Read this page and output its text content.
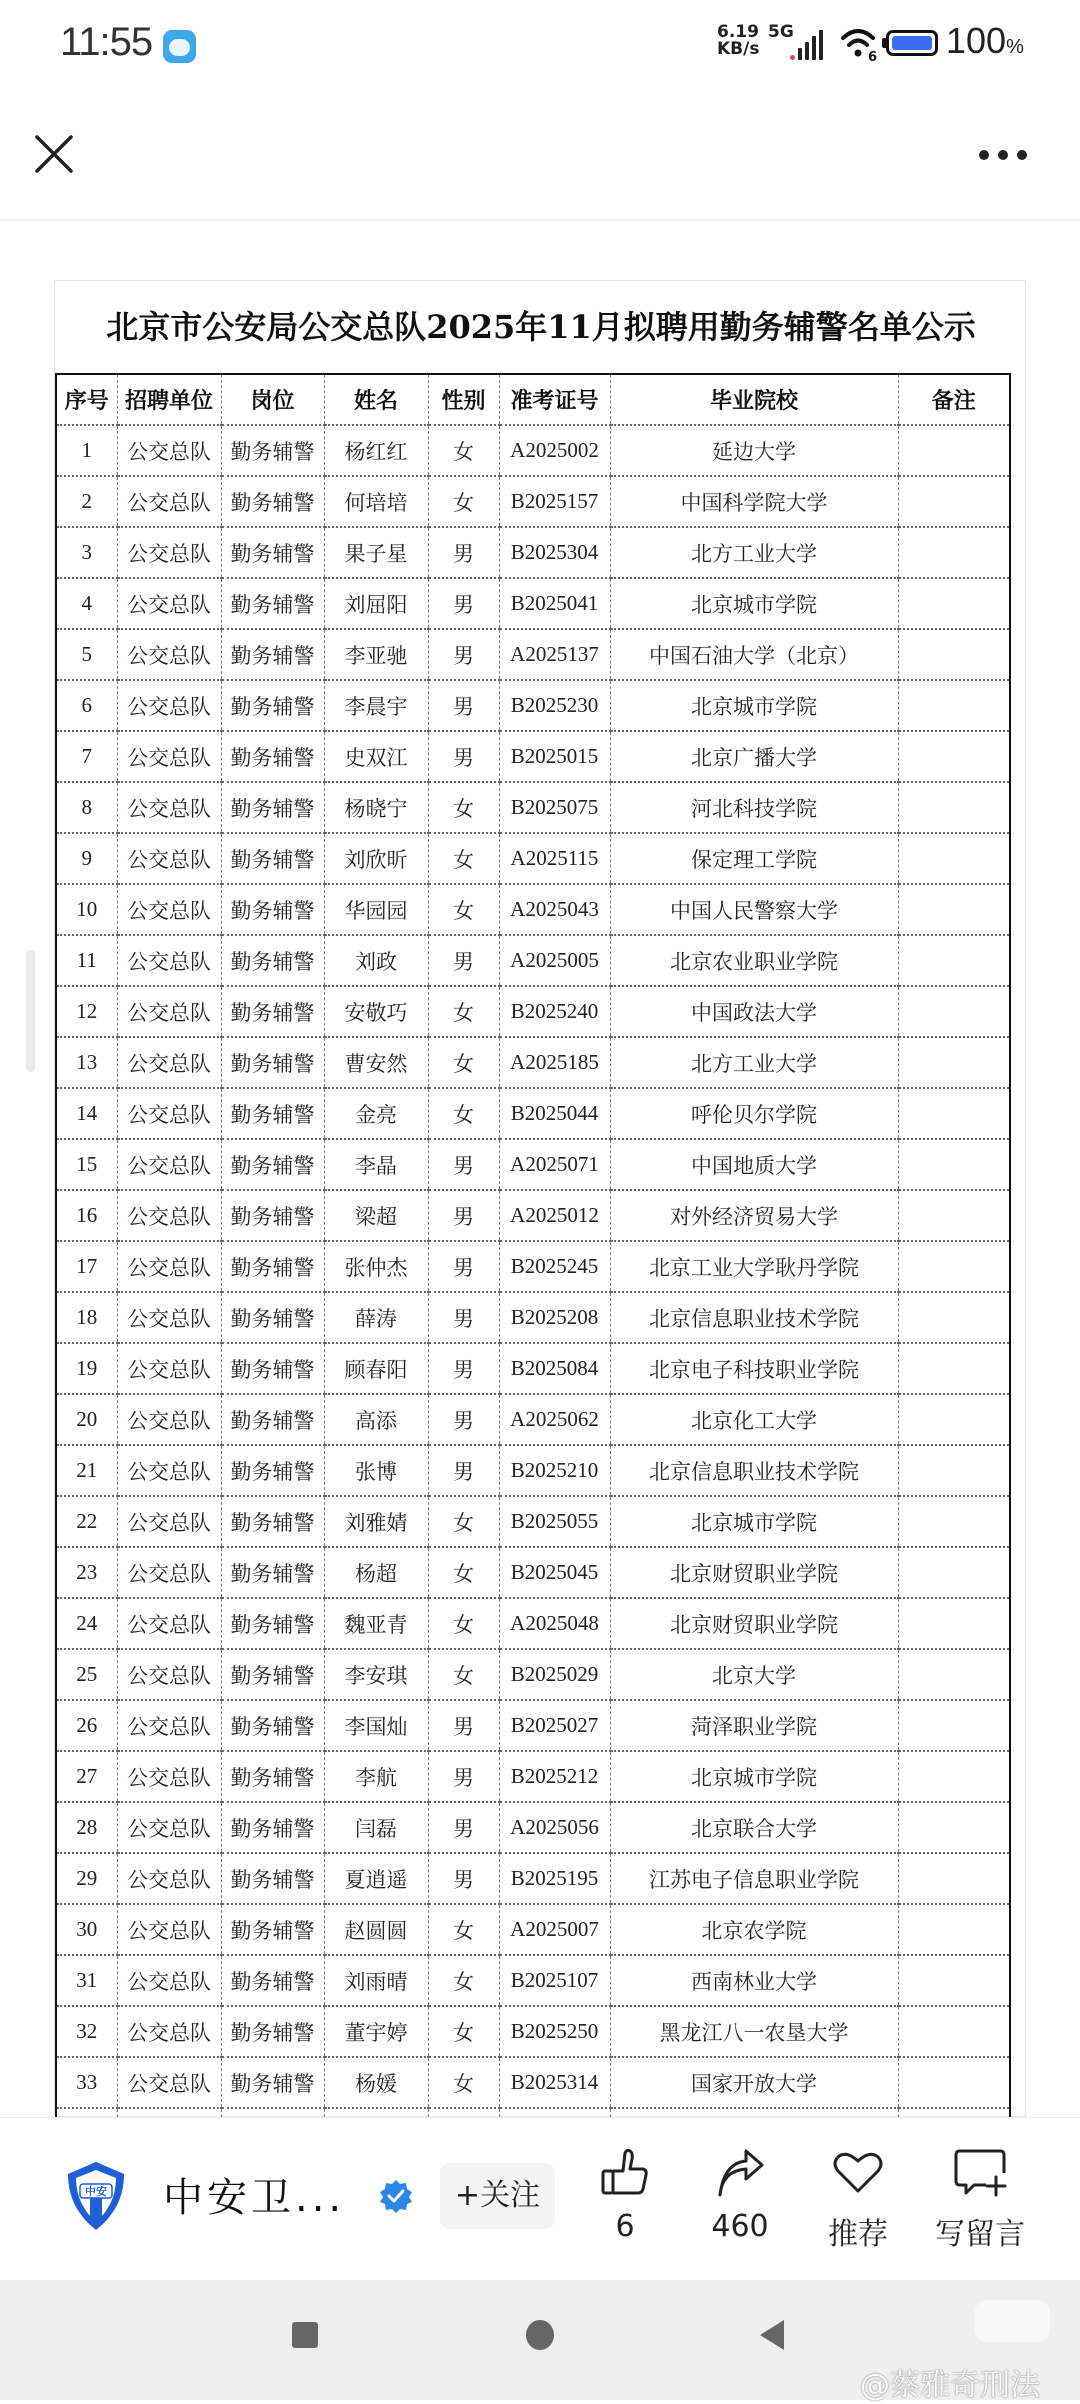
11:55	6.19
KB/s
5G
6 100%
北京市公安局公交总队2025年11月拟聘用勤务辅警名单公示
序号	招聘单位	岗位	姓名	性别	准考证号	毕业院校	备注
1	公交总队	勤务辅警	杨红红	女	A2025002	延边大学	
2	公交总队	勤务辅警	何培培	女	B2025157	中国科学院大学	
3	公交总队	勤务辅警	果子星	男	B2025304	北方工业大学	
4	公交总队	勤务辅警	刘屈阳	男	B2025041	北京城市学院	
5	公交总队	勤务辅警	李亚驰	男	A2025137	中国石油大学（北京）	
6	公交总队	勤务辅警	李晨宇	男	B2025230	北京城市学院	
7	公交总队	勤务辅警	史双江	男	B2025015	北京广播大学	
8	公交总队	勤务辅警	杨晓宁	女	B2025075	河北科技学院	
9	公交总队	勤务辅警	刘欣昕	女	A2025115	保定理工学院	
10	公交总队	勤务辅警	华园园	女	A2025043	中国人民警察大学	
11	公交总队	勤务辅警	刘政	男	A2025005	北京农业职业学院	
12	公交总队	勤务辅警	安敬巧	女	B2025240	中国政法大学	
13	公交总队	勤务辅警	曹安然	女	A2025185	北方工业大学	
14	公交总队	勤务辅警	金亮	女	B2025044	呼伦贝尔学院	
15	公交总队	勤务辅警	李晶	男	A2025071	中国地质大学	
16	公交总队	勤务辅警	梁超	男	A2025012	对外经济贸易大学	
17	公交总队	勤务辅警	张仲杰	男	B2025245	北京工业大学耿丹学院	
18	公交总队	勤务辅警	薛涛	男	B2025208	北京信息职业技术学院	
19	公交总队	勤务辅警	顾春阳	男	B2025084	北京电子科技职业学院	
20	公交总队	勤务辅警	高添	男	A2025062	北京化工大学	
21	公交总队	勤务辅警	张博	男	B2025210	北京信息职业技术学院	
22	公交总队	勤务辅警	刘雅婧	女	B2025055	北京城市学院	
23	公交总队	勤务辅警	杨超	女	B2025045	北京财贸职业学院	
24	公交总队	勤务辅警	魏亚青	女	A2025048	北京财贸职业学院	
25	公交总队	勤务辅警	李安琪	女	B2025029	北京大学	
26	公交总队	勤务辅警	李国灿	男	B2025027	菏泽职业学院	
27	公交总队	勤务辅警	李航	男	B2025212	北京城市学院	
28	公交总队	勤务辅警	闫磊	男	A2025056	北京联合大学	
29	公交总队	勤务辅警	夏逍遥	男	B2025195	江苏电子信息职业学院	
30	公交总队	勤务辅警	赵圆圆	女	A2025007	北京农学院	
31	公交总队	勤务辅警	刘雨晴	女	B2025107	西南林业大学	
32	公交总队	勤务辅警	董宇婷	女	B2025250	黑龙江八一农垦大学	
33	公交总队	勤务辅警	杨媛	女	B2025314	国家开放大学	

中安 中安卫...	+关注
6	460	推荐	写留言
小红书
@蔡雅奇刑法
